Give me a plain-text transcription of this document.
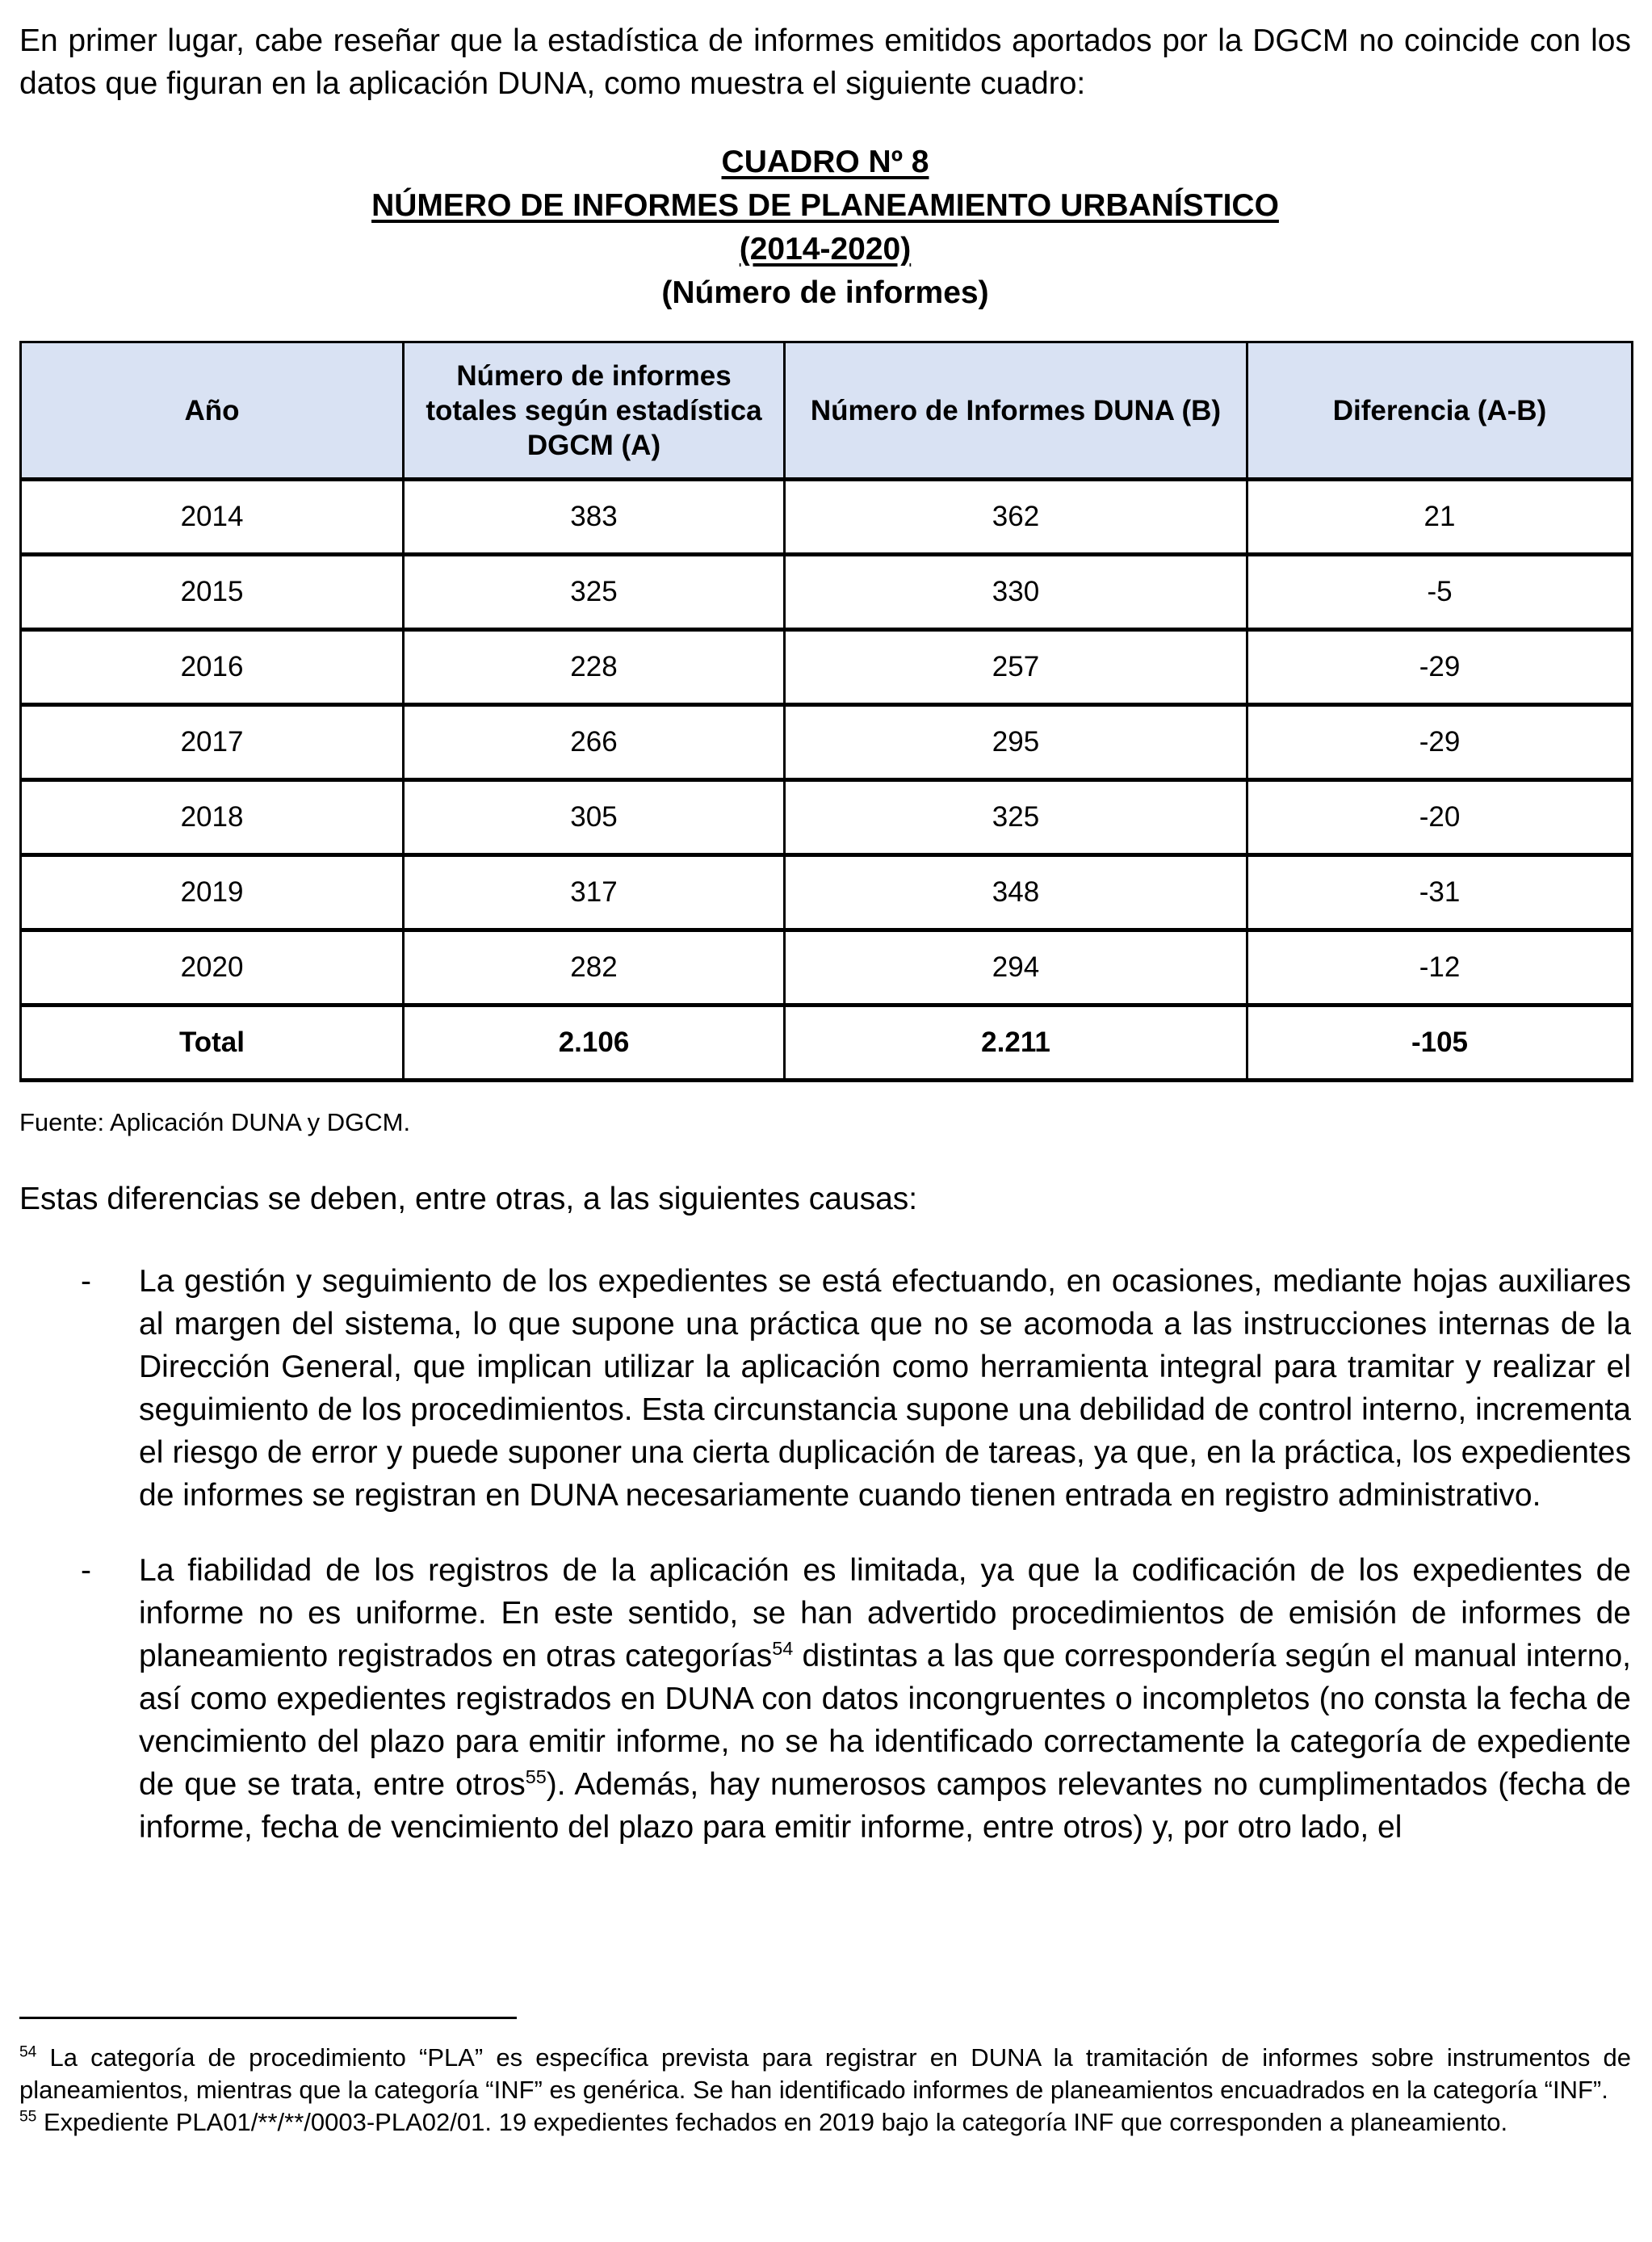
En primer lugar, cabe reseñar que la estadística de informes emitidos aportados por la DGCM no coincide con los datos que figuran en la aplicación DUNA, como muestra el siguiente cuadro:

CUADRO Nº 8
NÚMERO DE INFORMES DE PLANEAMIENTO URBANÍSTICO
(2014-2020)
(Número de informes)
Año	Número de informes totales según estadística DGCM (A)	Número de Informes DUNA (B)	Diferencia (A-B)
2014	383	362	21
2015	325	330	-5
2016	228	257	-29
2017	266	295	-29
2018	305	325	-20
2019	317	348	-31
2020	282	294	-12
Total	2.106	2.211	-105
Fuente: Aplicación DUNA y DGCM.
Estas diferencias se deben, entre otras, a las siguientes causas:
- La gestión y seguimiento de los expedientes se está efectuando, en ocasiones, mediante hojas auxiliares al margen del sistema, lo que supone una práctica que no se acomoda a las instrucciones internas de la Dirección General, que implican utilizar la aplicación como herramienta integral para tramitar y realizar el seguimiento de los procedimientos. Esta circunstancia supone una debilidad de control interno, incrementa el riesgo de error y puede suponer una cierta duplicación de tareas, ya que, en la práctica, los expedientes de informes se registran en DUNA necesariamente cuando tienen entrada en registro administrativo.
- La fiabilidad de los registros de la aplicación es limitada, ya que la codificación de los expedientes de informe no es uniforme. En este sentido, se han advertido procedimientos de emisión de informes de planeamiento registrados en otras categorías$^{54}$ distintas a las que correspondería según el manual interno, así como expedientes registrados en DUNA con datos incongruentes o incompletos (no consta la fecha de vencimiento del plazo para emitir informe, no se ha identificado correctamente la categoría de expediente de que se trata, entre otros$^{55}$). Además, hay numerosos campos relevantes no cumplimentados (fecha de informe, fecha de vencimiento del plazo para emitir informe, entre otros) y, por otro lado, el
$^{54}$ La categoría de procedimiento “PLA” es específica prevista para registrar en DUNA la tramitación de informes sobre instrumentos de planeamientos, mientras que la categoría “INF” es genérica. Se han identificado informes de planeamientos encuadrados en la categoría “INF”.
$^{55}$ Expediente PLA01/**/**/0003-PLA02/01. 19 expedientes fechados en 2019 bajo la categoría INF que corresponden a planeamiento.
